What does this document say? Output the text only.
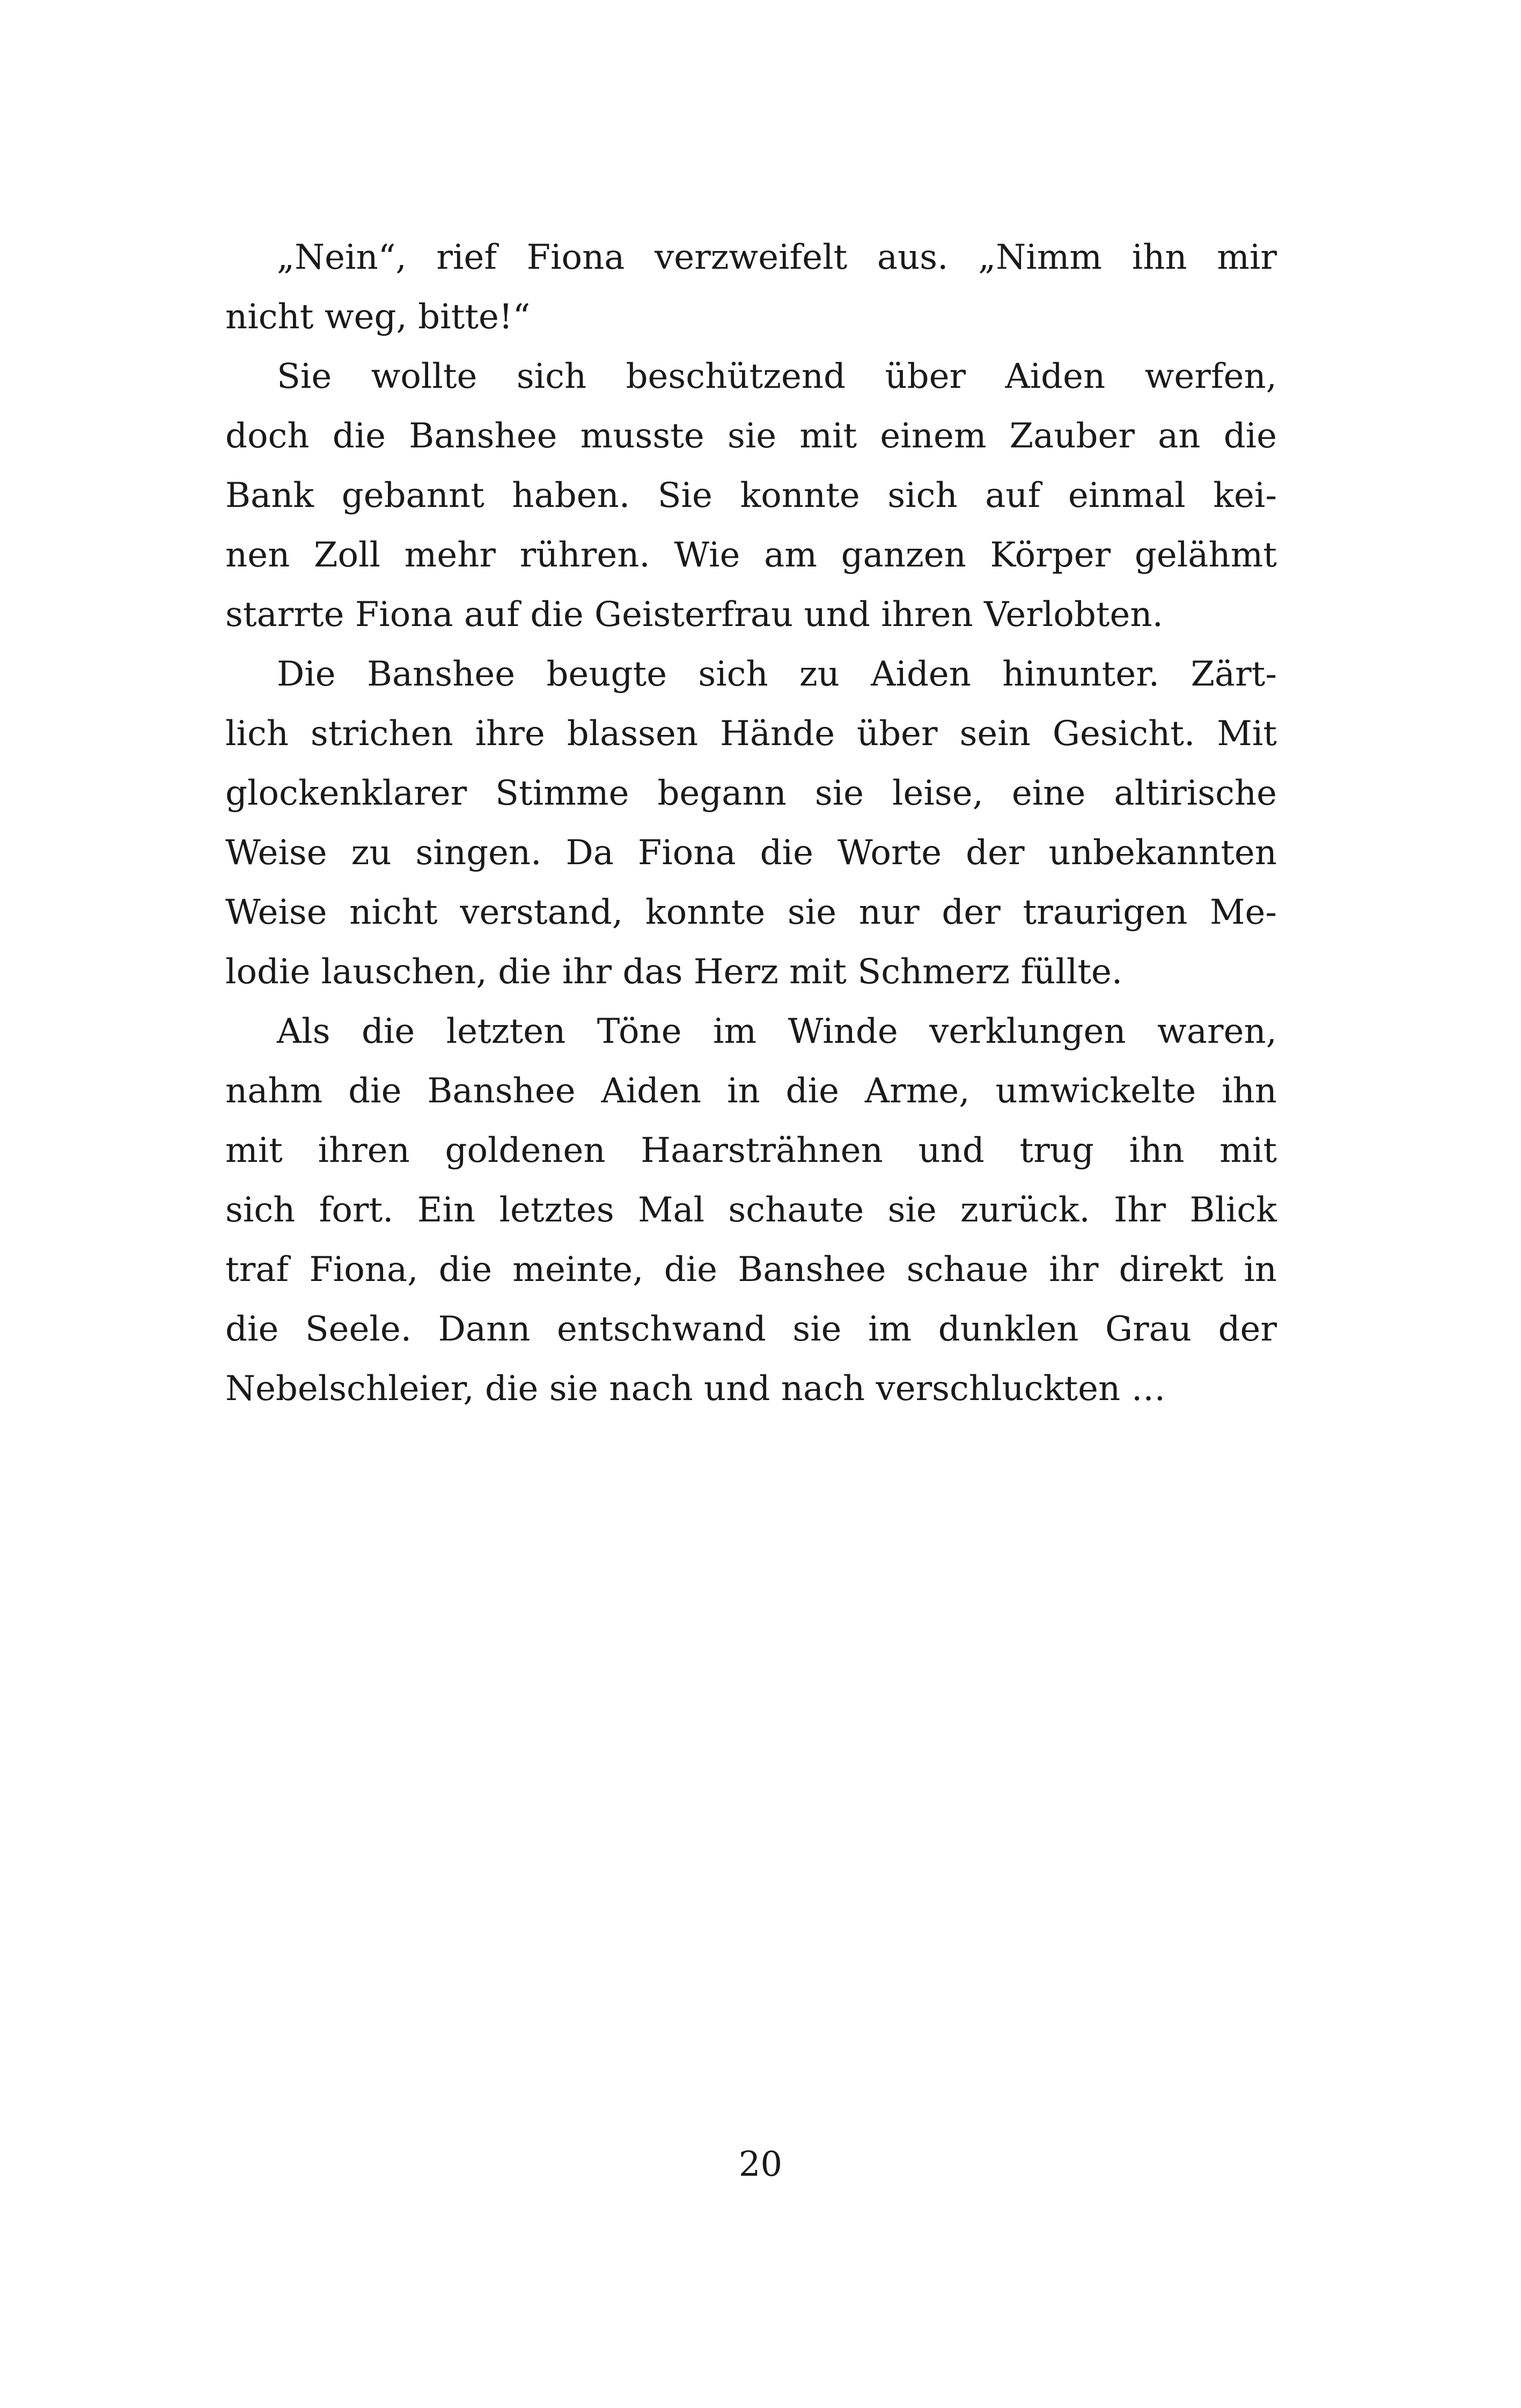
„Nein“, rief Fiona verzweifelt aus. „Nimm ihn mir
nicht weg, bitte!“
Sie wollte sich beschützend über Aiden werfen,
doch die Banshee musste sie mit einem Zauber an die
Bank gebannt haben. Sie konnte sich auf einmal kei-
nen Zoll mehr rühren. Wie am ganzen Körper gelähmt
starrte Fiona auf die Geisterfrau und ihren Verlobten.
Die Banshee beugte sich zu Aiden hinunter. Zärt-
lich strichen ihre blassen Hände über sein Gesicht. Mit
glockenklarer Stimme begann sie leise, eine altirische
Weise zu singen. Da Fiona die Worte der unbekannten
Weise nicht verstand, konnte sie nur der traurigen Me-
lodie lauschen, die ihr das Herz mit Schmerz füllte.
Als die letzten Töne im Winde verklungen waren,
nahm die Banshee Aiden in die Arme, umwickelte ihn
mit ihren goldenen Haarsträhnen und trug ihn mit
sich fort. Ein letztes Mal schaute sie zurück. Ihr Blick
traf Fiona, die meinte, die Banshee schaue ihr direkt in
die Seele. Dann entschwand sie im dunklen Grau der
Nebelschleier, die sie nach und nach verschluckten …
20
